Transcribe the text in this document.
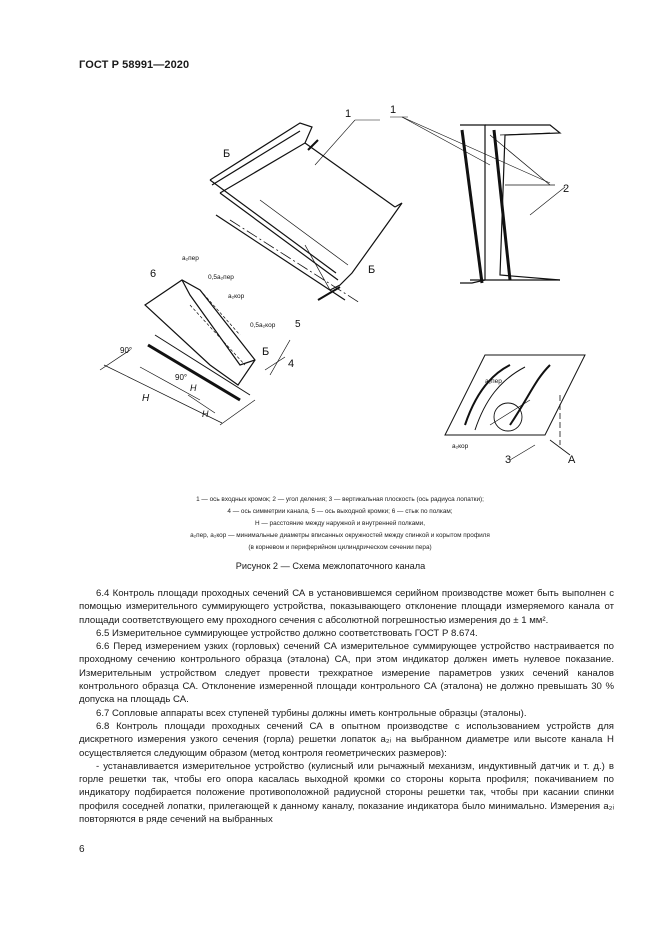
ГОСТ Р 58991—2020
1	1
2
3
4
5
6
Б
Б
Б
А
90°
90°
H
H
H
a₂пер
0,5a₂пер
a₂кор
0,5a₂кор
a₂кор
a₂пер
1 — ось входных кромок; 2 — угол деления; 3 — вертикальная плоскость (ось радиуса лопатки);
4 — ось симметрии канала, 5 — ось выходной кромки; 6 — стык по полкам;
H — расстояние между наружной и внутренней полками,
a₂пер, a₂кор — минимальные диаметры вписанных окружностей между спинкой и корытом профиля
(в корневом и периферийном цилиндрическом сечении пера)
Рисунок 2 — Схема межлопаточного канала

6.4 Контроль площади проходных сечений СА в установившемся серийном производстве может быть выполнен с помощью измерительного суммирующего устройства, показывающего отклонение площади измеряемого канала от площади соответствующего ему проходного сечения с абсолютной погрешностью измерения до ± 1 мм².

6.5 Измерительное суммирующее устройство должно соответствовать ГОСТ Р 8.674.

6.6 Перед измерением узких (горловых) сечений СА измерительное суммирующее устройство настраивается по проходному сечению контрольного образца (эталона) СА, при этом индикатор должен иметь нулевое показание. Измерительным устройством следует провести трехкратное измерение параметров узких сечений каналов контрольного образца СА. Отклонение измеренной площади контрольного СА (эталона) не должно превышать 30 % допуска на площадь СА.

6.7 Сопловые аппараты всех ступеней турбины должны иметь контрольные образцы (эталоны).

6.8 Контроль площади проходных сечений СА в опытном производстве с использованием устройств для дискретного измерения узкого сечения (горла) решетки лопаток a₂ᵢ на выбранном диаметре или высоте канала H осуществляется следующим образом (метод контроля геометрических размеров):

- устанавливается измерительное устройство (кулисный или рычажный механизм, индуктивный датчик и т. д.) в горле решетки так, чтобы его опора касалась выходной кромки со стороны корыта профиля; покачиванием по индикатору подбирается положение противоположной радиусной стороны решетки так, чтобы при касании спинки профиля соседней лопатки, прилегающей к данному каналу, показание индикатора было минимально. Измерения a₂ᵢ повторяются в ряде сечений на выбранных

6
